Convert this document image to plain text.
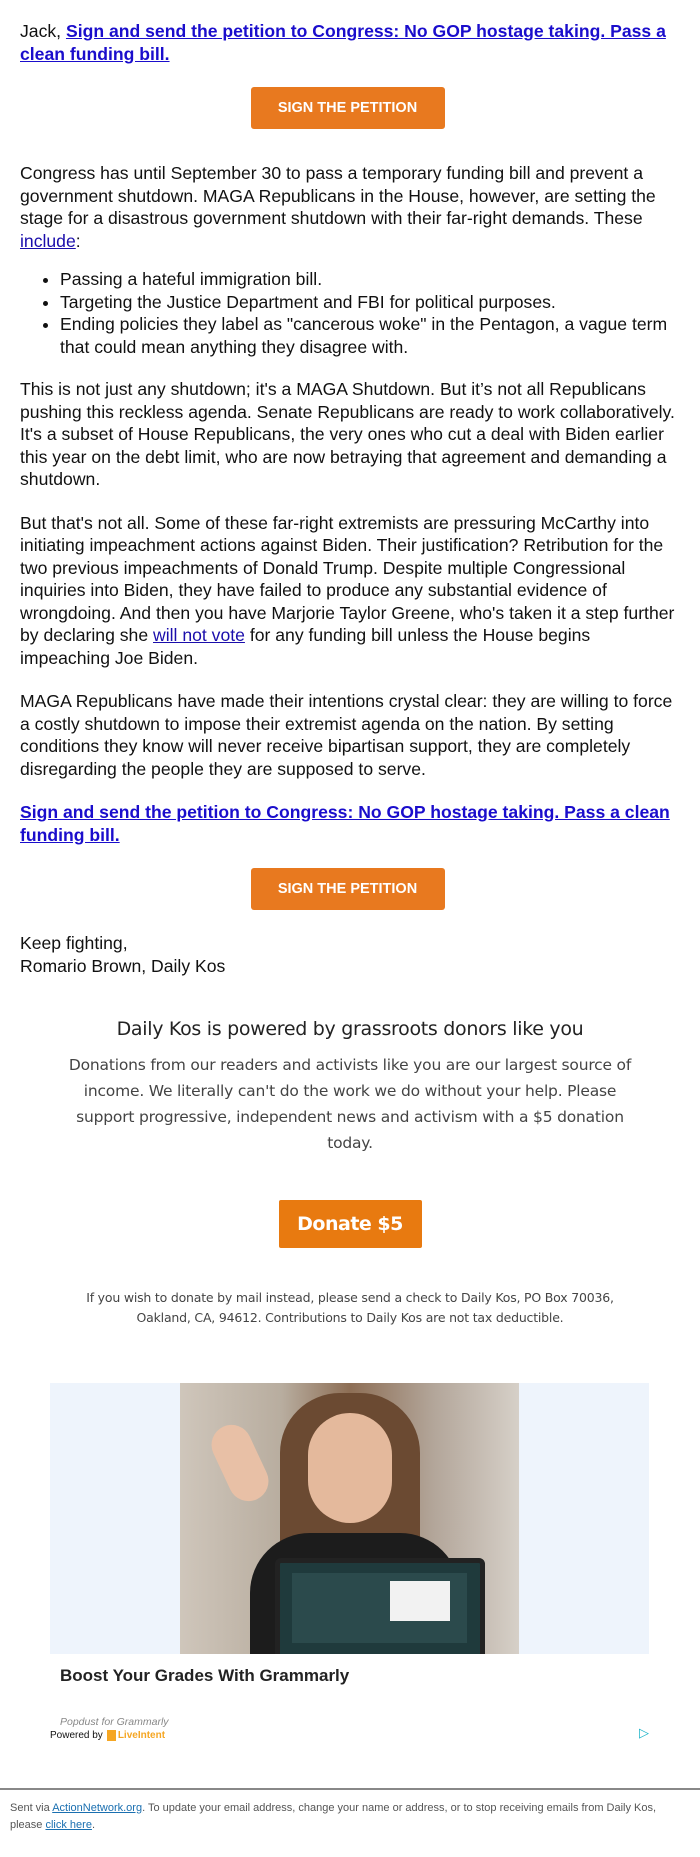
Jack, Sign and send the petition to Congress: No GOP hostage taking. Pass a clean funding bill.

SIGN THE PETITION

Congress has until September 30 to pass a temporary funding bill and prevent a government shutdown. MAGA Republicans in the House, however, are setting the stage for a disastrous government shutdown with their far-right demands. These include:

• Passing a hateful immigration bill.
• Targeting the Justice Department and FBI for political purposes.
• Ending policies they label as "cancerous woke" in the Pentagon, a vague term that could mean anything they disagree with.

This is not just any shutdown; it's a MAGA Shutdown. But it’s not all Republicans pushing this reckless agenda. Senate Republicans are ready to work collaboratively. It's a subset of House Republicans, the very ones who cut a deal with Biden earlier this year on the debt limit, who are now betraying that agreement and demanding a shutdown.

But that's not all. Some of these far-right extremists are pressuring McCarthy into initiating impeachment actions against Biden. Their justification? Retribution for the two previous impeachments of Donald Trump. Despite multiple Congressional inquiries into Biden, they have failed to produce any substantial evidence of wrongdoing. And then you have Marjorie Taylor Greene, who's taken it a step further by declaring she will not vote for any funding bill unless the House begins impeaching Joe Biden.

MAGA Republicans have made their intentions crystal clear: they are willing to force a costly shutdown to impose their extremist agenda on the nation. By setting conditions they know will never receive bipartisan support, they are completely disregarding the people they are supposed to serve.

Sign and send the petition to Congress: No GOP hostage taking. Pass a clean funding bill.

SIGN THE PETITION

Keep fighting,

Romario Brown, Daily Kos

Daily Kos is powered by grassroots donors like you
Donations from our readers and activists like you are our largest source of income. We literally can't do the work we do without your help. Please support progressive, independent news and activism with a $5 donation today.
Donate $5
If you wish to donate by mail instead, please send a check to Daily Kos, PO Box 70036, Oakland, CA, 94612. Contributions to Daily Kos are not tax deductible.
Boost Your Grades With Grammarly
Popdust for Grammarly
Powered by LiveIntent	▷
Sent via ActionNetwork.org. To update your email address, change your name or address, or to stop receiving emails from Daily Kos, please click here.
